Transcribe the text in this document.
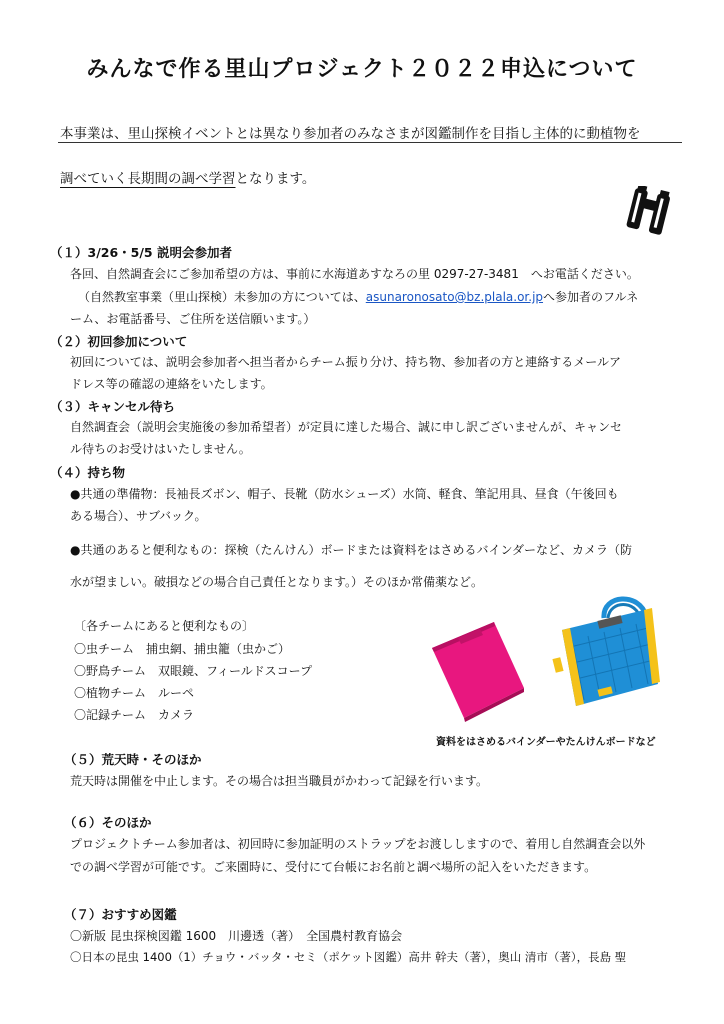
みんなで作る里山プロジェクト２０２２申込について
本事業は、里山探検イベントとは異なり参加者のみなさまが図鑑制作を目指し主体的に動植物を
調べていく長期間の調べ学習となります。
（１）3/26・5/5 説明会参加者
各回、自然調査会にご参加希望の方は、事前に水海道あすなろの里 0297-27-3481　へお電話ください。
（自然教室事業（里山探検）未参加の方については、asunaronosato@bz.plala.or.jpへ参加者のフルネ
ーム、お電話番号、ご住所を送信願います。）
（２）初回参加について
初回については、説明会参加者へ担当者からチーム振り分け、持ち物、参加者の方と連絡するメールア
ドレス等の確認の連絡をいたします。
（３）キャンセル待ち
自然調査会（説明会実施後の参加希望者）が定員に達した場合、誠に申し訳ございませんが、キャンセ
ル待ちのお受けはいたしません。
（４）持ち物
●共通の準備物：長袖長ズボン、帽子、長靴（防水シューズ）水筒、軽食、筆記用具、昼食（午後回も
ある場合）、サブバック。
●共通のあると便利なもの：探検（たんけん）ボードまたは資料をはさめるバインダーなど、カメラ（防
水が望ましい。破損などの場合自己責任となります。）そのほか常備薬など。
〔各チームにあると便利なもの〕
〇虫チーム　捕虫網、捕虫籠（虫かご）
〇野鳥チーム　双眼鏡、フィールドスコープ
〇植物チーム　ルーペ
〇記録チーム　カメラ
資料をはさめるバインダーやたんけんボードなど
（５）荒天時・そのほか
荒天時は開催を中止します。その場合は担当職員がかわって記録を行います。
（６）そのほか
プロジェクトチーム参加者は、初回時に参加証明のストラップをお渡ししますので、着用し自然調査会以外
での調べ学習が可能です。ご来園時に、受付にて台帳にお名前と調べ場所の記入をいただきます。
（７）おすすめ図鑑
〇新版 昆虫探検図鑑 1600　川邊透（著）　全国農村教育協会
〇日本の昆虫 1400（1）チョウ・バッタ・セミ（ポケット図鑑）高井 幹夫（著），奥山 清市（著），長島 聖
